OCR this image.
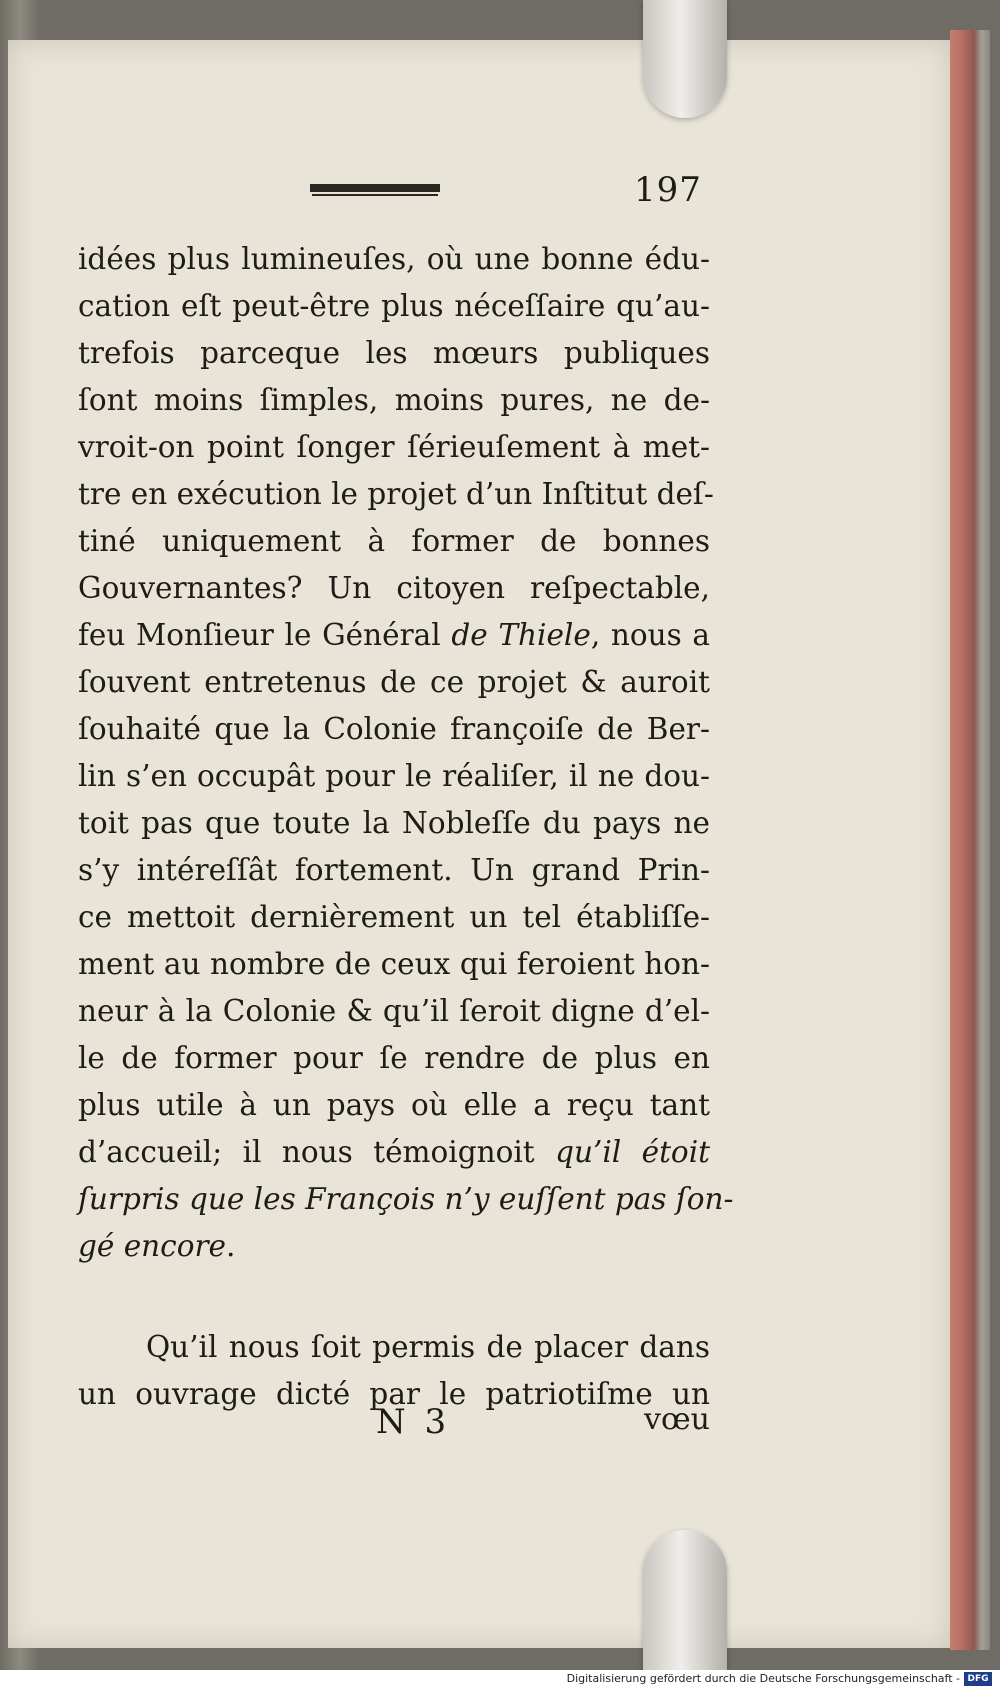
197
idées plus lumineuſes, où une bonne édu-
cation eſt peut-être plus néceſſaire qu’au-
trefois parceque les mœurs publiques
ſont moins ſimples, moins pures, ne de-
vroit-on point ſonger ſérieuſement à met-
tre en exécution le projet d’un Inſtitut deſ-
tiné uniquement à former de bonnes
Gouvernantes? Un citoyen reſpectable,
feu Monſieur le Général de Thiele, nous a
ſouvent entretenus de ce projet & auroit
ſouhaité que la Colonie françoiſe de Ber-
lin s’en occupât pour le réaliſer, il ne dou-
toit pas que toute la Nobleſſe du pays ne
s’y intéreſſât fortement. Un grand Prin-
ce mettoit dernièrement un tel établiſſe-
ment au nombre de ceux qui feroient hon-
neur à la Colonie & qu’il ſeroit digne d’el-
le de former pour ſe rendre de plus en
plus utile à un pays où elle a reçu tant
d’accueil; il nous témoignoit qu’il étoit
ſurpris que les François n’y euſſent pas ſon-
gé encore.
Qu’il nous ſoit permis de placer dans
un ouvrage dicté par le patriotiſme un
N 3	vœu
Digitalisierung gefördert durch die Deutsche Forschungsgemeinschaft - DFG
